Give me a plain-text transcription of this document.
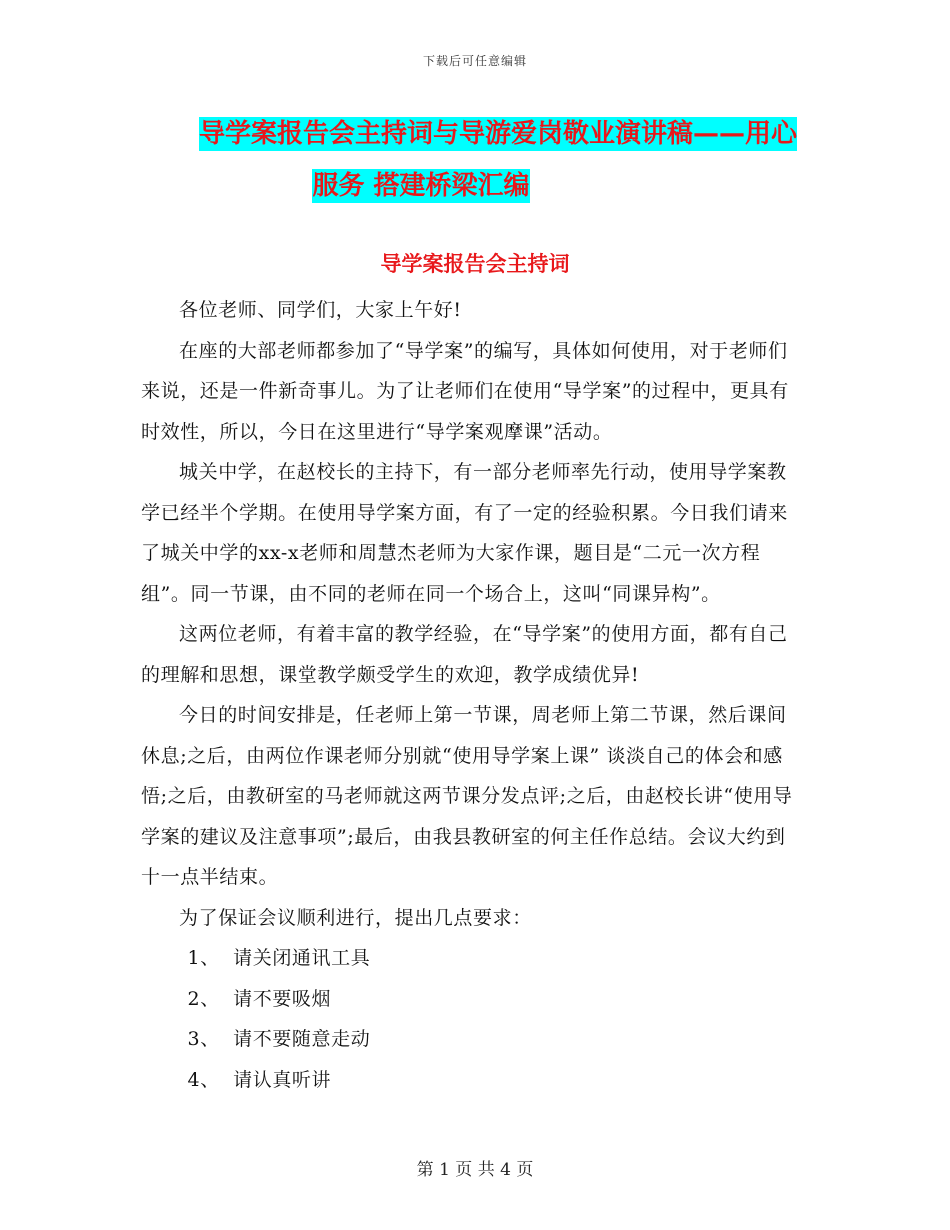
下载后可任意编辑
导学案报告会主持词与导游爱岗敬业演讲稿——用心
服务 搭建桥梁汇编
导学案报告会主持词

各位老师、同学们，大家上午好!

在座的大部老师都参加了“导学案”的编写，具体如何使用，对于老师们来说，还是一件新奇事儿。为了让老师们在使用“导学案”的过程中，更具有时效性，所以，今日在这里进行“导学案观摩课”活动。

城关中学，在赵校长的主持下，有一部分老师率先行动，使用导学案教学已经半个学期。在使用导学案方面，有了一定的经验积累。今日我们请来了城关中学的xx-x老师和周慧杰老师为大家作课，题目是“二元一次方程组”。同一节课，由不同的老师在同一个场合上，这叫“同课异构”。

这两位老师，有着丰富的教学经验，在“导学案”的使用方面，都有自己的理解和思想，课堂教学颇受学生的欢迎，教学成绩优异!

今日的时间安排是，任老师上第一节课，周老师上第二节课，然后课间休息;之后，由两位作课老师分别就“使用导学案上课” 谈淡自己的体会和感悟;之后，由教研室的马老师就这两节课分发点评;之后，由赵校长讲“使用导学案的建议及注意事项”;最后，由我县教研室的何主任作总结。会议大约到十一点半结束。

为了保证会议顺利进行，提出几点要求：

1、  请关闭通讯工具

2、  请不要吸烟

3、  请不要随意走动

4、  请认真听讲

第 1 页 共 4 页
